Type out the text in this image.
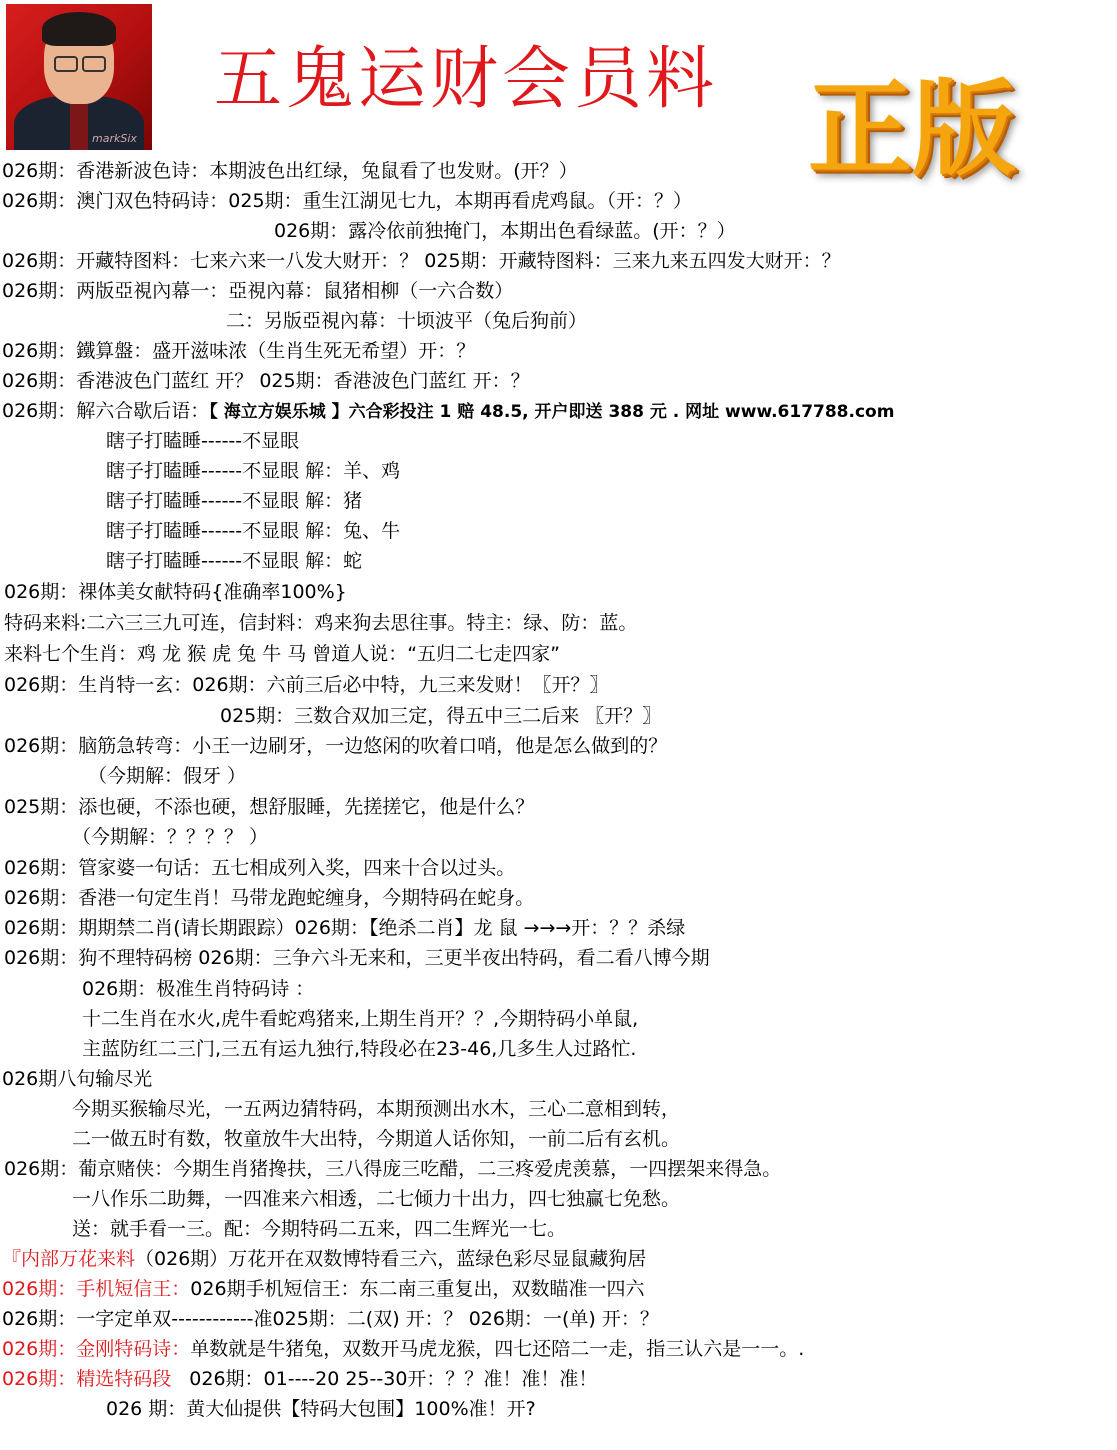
markSix
五鬼运财会员料 正版
026期：香港新波色诗：本期波色出红绿，兔鼠看了也发财。(开？）
026期：澳门双色特码诗：025期：重生江湖见七九，本期再看虎鸡鼠。（开：？）
026期：露冷依前独掩门，本期出色看绿蓝。(开：？）
026期：开藏特图料：七来六来一八发大财开：？ 025期：开藏特图料：三来九来五四发大财开：？
026期：两版亞視內幕一：亞視內幕：鼠猪相柳（一六合数）
二：另版亞視內幕：十顷波平（兔后狗前）
026期：鐵算盤：盛开滋味浓（生肖生死无希望）开：？
026期：香港波色门蓝红 开？ 025期：香港波色门蓝红 开：？
026期：解六合歇后语：【 海立方娱乐城 】六合彩投注 1 赔 48.5, 开户即送 388 元 . 网址 www.617788.com
瞎子打瞌睡------不显眼
瞎子打瞌睡------不显眼 解：羊、鸡
瞎子打瞌睡------不显眼 解：猪
瞎子打瞌睡------不显眼 解：兔、牛
瞎子打瞌睡------不显眼 解：蛇
026期：裸体美女献特码{准确率100%}
特码来料:二六三三九可连，信封料：鸡来狗去思往事。特主：绿、防：蓝。
来料七个生肖：鸡 龙 猴 虎 兔 牛 马 曾道人说：“五归二七走四家”
026期：生肖特一玄：026期：六前三后必中特，九三来发财！〖开？〗
025期：三数合双加三定，得五中三二后来 〖开？〗
026期：脑筋急转弯：小王一边刷牙，一边悠闲的吹着口哨，他是怎么做到的？
（今期解：假牙 ）
025期：添也硬，不添也硬，想舒服睡，先搓搓它，他是什么？
（今期解：？？？？ ）
026期：管家婆一句话：五七相成列入奖，四来十合以过头。
026期：香港一句定生肖！马带龙跑蛇缠身，今期特码在蛇身。
026期：期期禁二肖(请长期跟踪）026期：【绝杀二肖】龙 鼠 →→→开：？？杀绿
026期：狗不理特码榜 026期：三争六斗无来和，三更半夜出特码，看二看八博今期
026期：极准生肖特码诗 ：
十二生肖在水火,虎牛看蛇鸡猪来,上期生肖开？？,今期特码小单鼠,
主蓝防红二三门,三五有运九独行,特段必在23-46,几多生人过路忙.
026期八句输尽光
今期买猴输尽光，一五两边猜特码，本期预测出水木，三心二意相到转，
二一做五时有数，牧童放牛大出特，今期道人话你知，一前二后有玄机。
026期：葡京赌侠：今期生肖猪搀扶，三八得庞三吃醋，二三疼爱虎羡慕，一四摆架来得急。
一八作乐二助舞，一四准来六相透，二七倾力十出力，四七独赢七免愁。
送：就手看一三。配：今期特码二五来，四二生辉光一七。
『内部万花来料（026期）万花开在双数博特看三六，蓝绿色彩尽显鼠藏狗居
026期：手机短信王：026期手机短信王：东二南三重复出，双数瞄准一四六
026期：一字定单双------------准025期：二(双) 开：？ 026期：一(单) 开：？
026期：金刚特码诗：单数就是牛猪兔，双数开马虎龙猴，四七还陪二一走，指三认六是一一。.
026期：精选特码段 026期：01----20 25--30开：？？准！准！准！
026 期：黄大仙提供【特码大包围】100%准！开?
